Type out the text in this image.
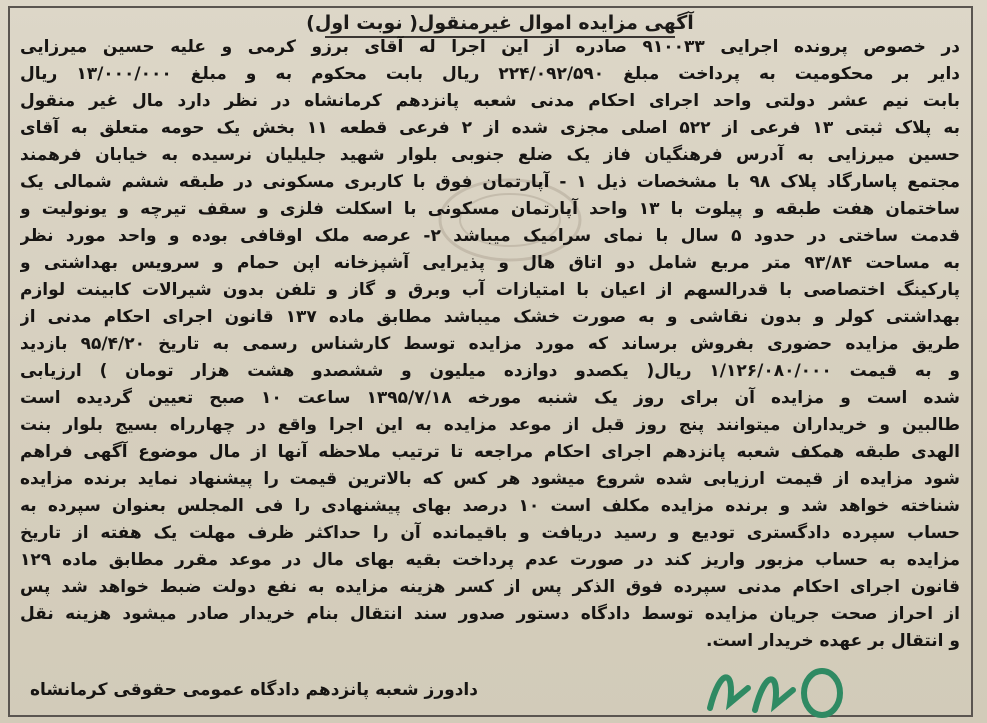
آگهی مزایده اموال غیرمنقول( نوبت اول)
در خصوص پرونده اجرایی ۹۱۰۰۳۳ صادره از این اجرا له آقای برزو کرمی و علیه حسین میرزایی
دایر بر محکومیت به پرداخت مبلغ ۲۲۴/۰۹۲/۵۹۰ ریال بابت محکوم به و مبلغ ۱۳/۰۰۰/۰۰۰ ریال
بابت نیم عشر دولتی واحد اجرای احکام مدنی شعبه پانزدهم کرمانشاه در نظر دارد مال غیر منقول
به پلاک ثبتی ۱۳ فرعی از ۵۲۲ اصلی مجزی شده از ۲ فرعی قطعه ۱۱ بخش یک حومه متعلق به آقای
حسین میرزایی به آدرس فرهنگیان فاز یک ضلع جنوبی بلوار شهید جلیلیان نرسیده به خیابان فرهمند
مجتمع پاسارگاد پلاک ۹۸ با مشخصات ذیل ۱ - آپارتمان فوق با کاربری مسکونی در طبقه ششم شمالی یک
ساختمان هفت طبقه و پیلوت با ۱۳ واحد آپارتمان مسکونی با اسکلت فلزی و سقف تیرچه و یونولیت و
قدمت ساختی در حدود ۵ سال با نمای سرامیک میباشد ۲- عرصه ملک اوقافی بوده و واحد مورد نظر
به مساحت ۹۳/۸۴ متر مربع شامل دو اتاق هال و پذیرایی آشپزخانه اپن حمام و سرویس بهداشتی و
پارکینگ اختصاصی با قدرالسهم از اعیان با امتیازات آب وبرق و گاز و تلفن بدون شیرالات کابینت لوازم
بهداشتی کولر و بدون نقاشی و به صورت خشک میباشد مطابق ماده ۱۳۷ قانون اجرای احکام مدنی از
طریق مزایده حضوری بفروش برساند که مورد مزایده توسط کارشناس رسمی به تاریخ ۹۵/۴/۲۰ بازدید
و به قیمت ۱/۱۲۶/۰۸۰/۰۰۰ ریال( یکصدو دوازده میلیون و ششصدو هشت هزار تومان ) ارزیابی
شده است و مزایده آن برای روز یک شنبه مورخه ۱۳۹۵/۷/۱۸ ساعت ۱۰ صبح تعیین گردیده است
طالبین و خریداران میتوانند پنج روز قبل از موعد مزایده به این اجرا واقع در چهارراه بسیج بلوار بنت
الهدی طبقه همکف شعبه پانزدهم اجرای احکام مراجعه تا ترتیب ملاحظه آنها از مال موضوع آگهی فراهم
شود مزایده از قیمت ارزیابی شده شروع میشود هر کس که بالاترین قیمت را پیشنهاد نماید برنده مزایده
شناخته خواهد شد و برنده مزایده مکلف است ۱۰ درصد بهای پیشنهادی را فی المجلس بعنوان سپرده به
حساب سپرده دادگستری تودیع و رسید دریافت و باقیمانده آن را حداکثر ظرف مهلت یک هفته از تاریخ
مزایده به حساب مزبور واریز کند در صورت عدم پرداخت بقیه بهای مال در موعد مقرر مطابق ماده ۱۲۹
قانون اجرای احکام مدنی سپرده فوق الذکر پس از کسر هزینه مزایده به نفع دولت ضبط خواهد شد پس
از احراز صحت جریان مزایده توسط دادگاه دستور صدور سند انتقال بنام خریدار صادر میشود هزینه نقل
و انتقال بر عهده خریدار است.
دادورز شعبه پانزدهم دادگاه عمومی حقوقی کرمانشاه
